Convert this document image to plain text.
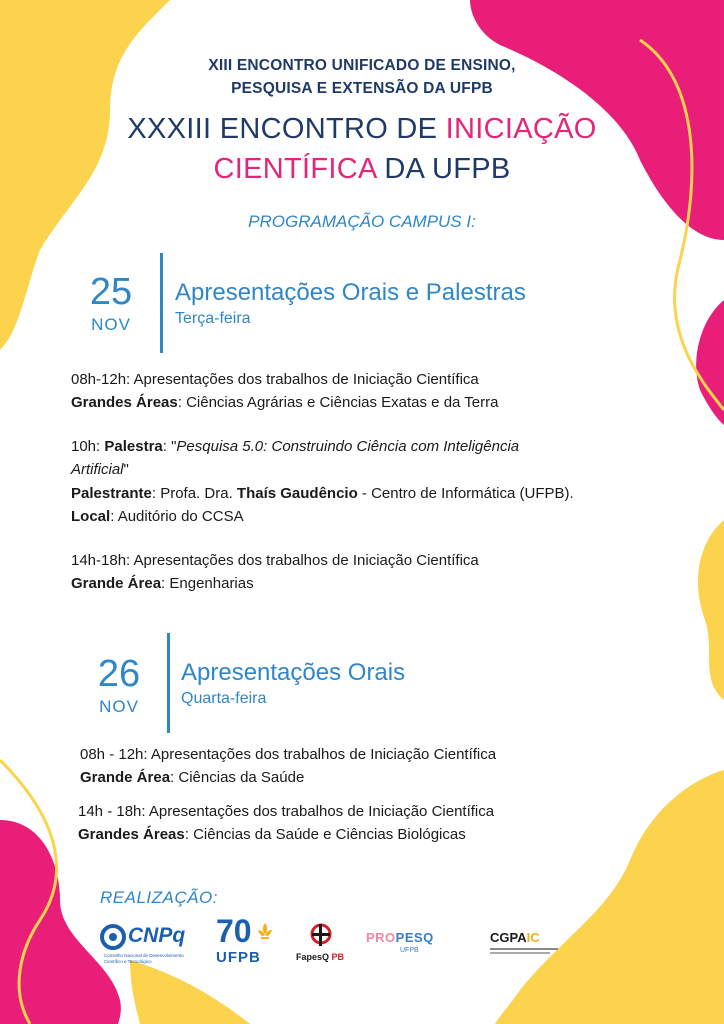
XIII ENCONTRO UNIFICADO DE ENSINO,
PESQUISA E EXTENSÃO DA UFPB
XXXIII ENCONTRO DE INICIAÇÃO
CIENTÍFICA DA UFPB
PROGRAMAÇÃO CAMPUS I:
25
NOV
Apresentações Orais e Palestras
Terça-feira
08h-12h: Apresentações dos trabalhos de Iniciação Científica
Grandes Áreas: Ciências Agrárias e Ciências Exatas e da Terra
10h: Palestra: "Pesquisa 5.0: Construindo Ciência com Inteligência
Artificial"
Palestrante: Profa. Dra. Thaís Gaudêncio - Centro de Informática (UFPB).
Local: Auditório do CCSA
14h-18h: Apresentações dos trabalhos de Iniciação Científica
Grande Área: Engenharias
26
NOV
Apresentações Orais
Quarta-feira
08h - 12h: Apresentações dos trabalhos de Iniciação Científica
Grande Área: Ciências da Saúde
14h - 18h: Apresentações dos trabalhos de Iniciação Científica
Grandes Áreas: Ciências da Saúde e Ciências Biológicas
REALIZAÇÃO:
CNPq
Conselho Nacional de Desenvolvimento
Científico e Tecnológico
70
UFPB	FapesQ PB
PROPESQ
UFPB
CGPAIC
